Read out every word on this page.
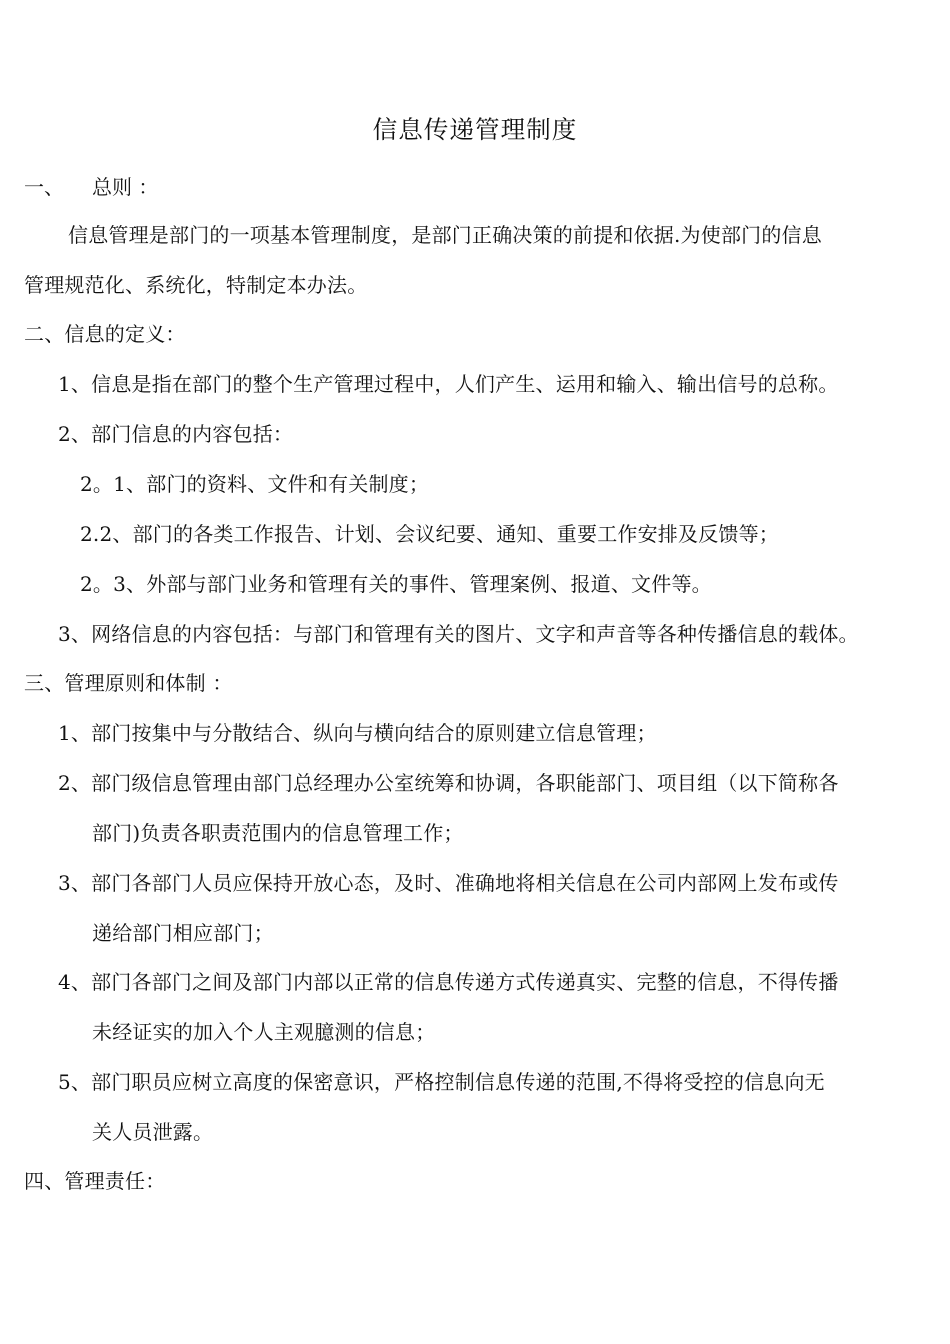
信息传递管理制度
一、 总则 ：
信息管理是部门的一项基本管理制度，是部门正确决策的前提和依据.为使部门的信息
管理规范化、系统化，特制定本办法。
二、信息的定义：
1、信息是指在部门的整个生产管理过程中，人们产生、运用和输入、输出信号的总称。
2、部门信息的内容包括：
2。1、部门的资料、文件和有关制度；
2.2、部门的各类工作报告、计划、会议纪要、通知、重要工作安排及反馈等；
2。3、外部与部门业务和管理有关的事件、管理案例、报道、文件等。
3、网络信息的内容包括：与部门和管理有关的图片、文字和声音等各种传播信息的载体。
三、管理原则和体制 ：
1、部门按集中与分散结合、纵向与横向结合的原则建立信息管理；
2、部门级信息管理由部门总经理办公室统筹和协调，各职能部门、项目组（以下简称各
部门)负责各职责范围内的信息管理工作；
3、部门各部门人员应保持开放心态，及时、准确地将相关信息在公司内部网上发布或传
递给部门相应部门；
4、部门各部门之间及部门内部以正常的信息传递方式传递真实、完整的信息，不得传播
未经证实的加入个人主观臆测的信息；
5、部门职员应树立高度的保密意识，严格控制信息传递的范围,不得将受控的信息向无
关人员泄露。
四、管理责任：
